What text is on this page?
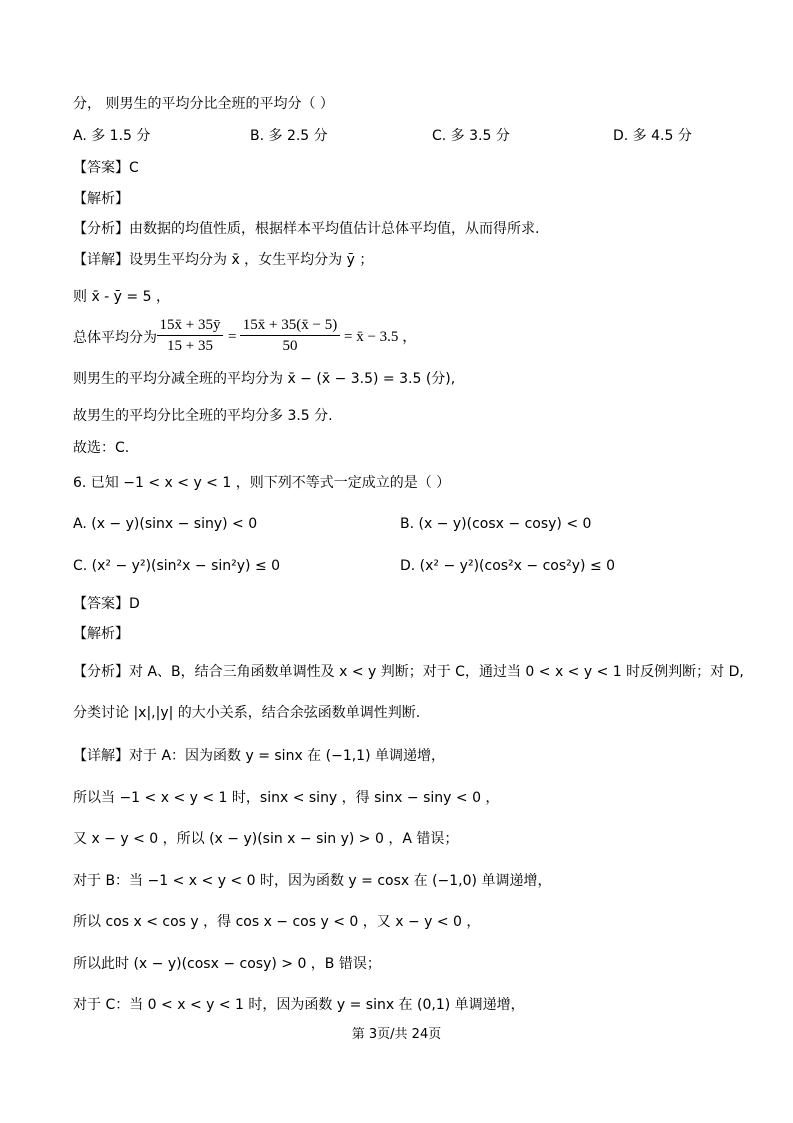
分， 则男生的平均分比全班的平均分（ ）
A. 多 1.5 分	B. 多 2.5 分	C. 多 3.5 分	D. 多 4.5 分
【答案】C
【解析】
【分析】由数据的均值性质，根据样本平均值估计总体平均值，从而得所求.
【详解】设男生平均分为 x̄ ，女生平均分为 ȳ ；
则 x̄ - ȳ = 5 ，
总体平均分为 $\frac{15x̄ + 35ȳ}{15 + 35} = \frac{15x̄ + 35(x̄ - 5)}{50}$ = x̄ − 3.5 ，
则男生的平均分减全班的平均分为 x̄ − (x̄ − 3.5) = 3.5 (分),
故男生的平均分比全班的平均分多 3.5 分.
故选：C.
6. 已知 −1 < x < y < 1 ，则下列不等式一定成立的是（ ）
A. (x − y)(sinx − siny) < 0	B. (x − y)(cosx − cosy) < 0
C. (x² − y²)(sin²x − sin²y) ≤ 0	D. (x² − y²)(cos²x − cos²y) ≤ 0
【答案】D
【解析】
【分析】对 A、B，结合三角函数单调性及 x < y 判断；对于 C，通过当 0 < x < y < 1 时反例判断；对 D,
分类讨论 |x|,|y| 的大小关系，结合余弦函数单调性判断.
【详解】对于 A：因为函数 y = sinx 在 (−1,1) 单调递增，
所以当 −1 < x < y < 1 时，sinx < siny ，得 sinx − siny < 0 ，
又 x − y < 0 ，所以 (x − y)(sin x − sin y) > 0 ，A 错误；
对于 B：当 −1 < x < y < 0 时，因为函数 y = cosx 在 (−1,0) 单调递增，
所以 cos x < cos y ，得 cos x − cos y < 0 ，又 x − y < 0 ，
所以此时 (x − y)(cosx − cosy) > 0 ，B 错误；
对于 C：当 0 < x < y < 1 时，因为函数 y = sinx 在 (0,1) 单调递增，
第 3页/共 24页
